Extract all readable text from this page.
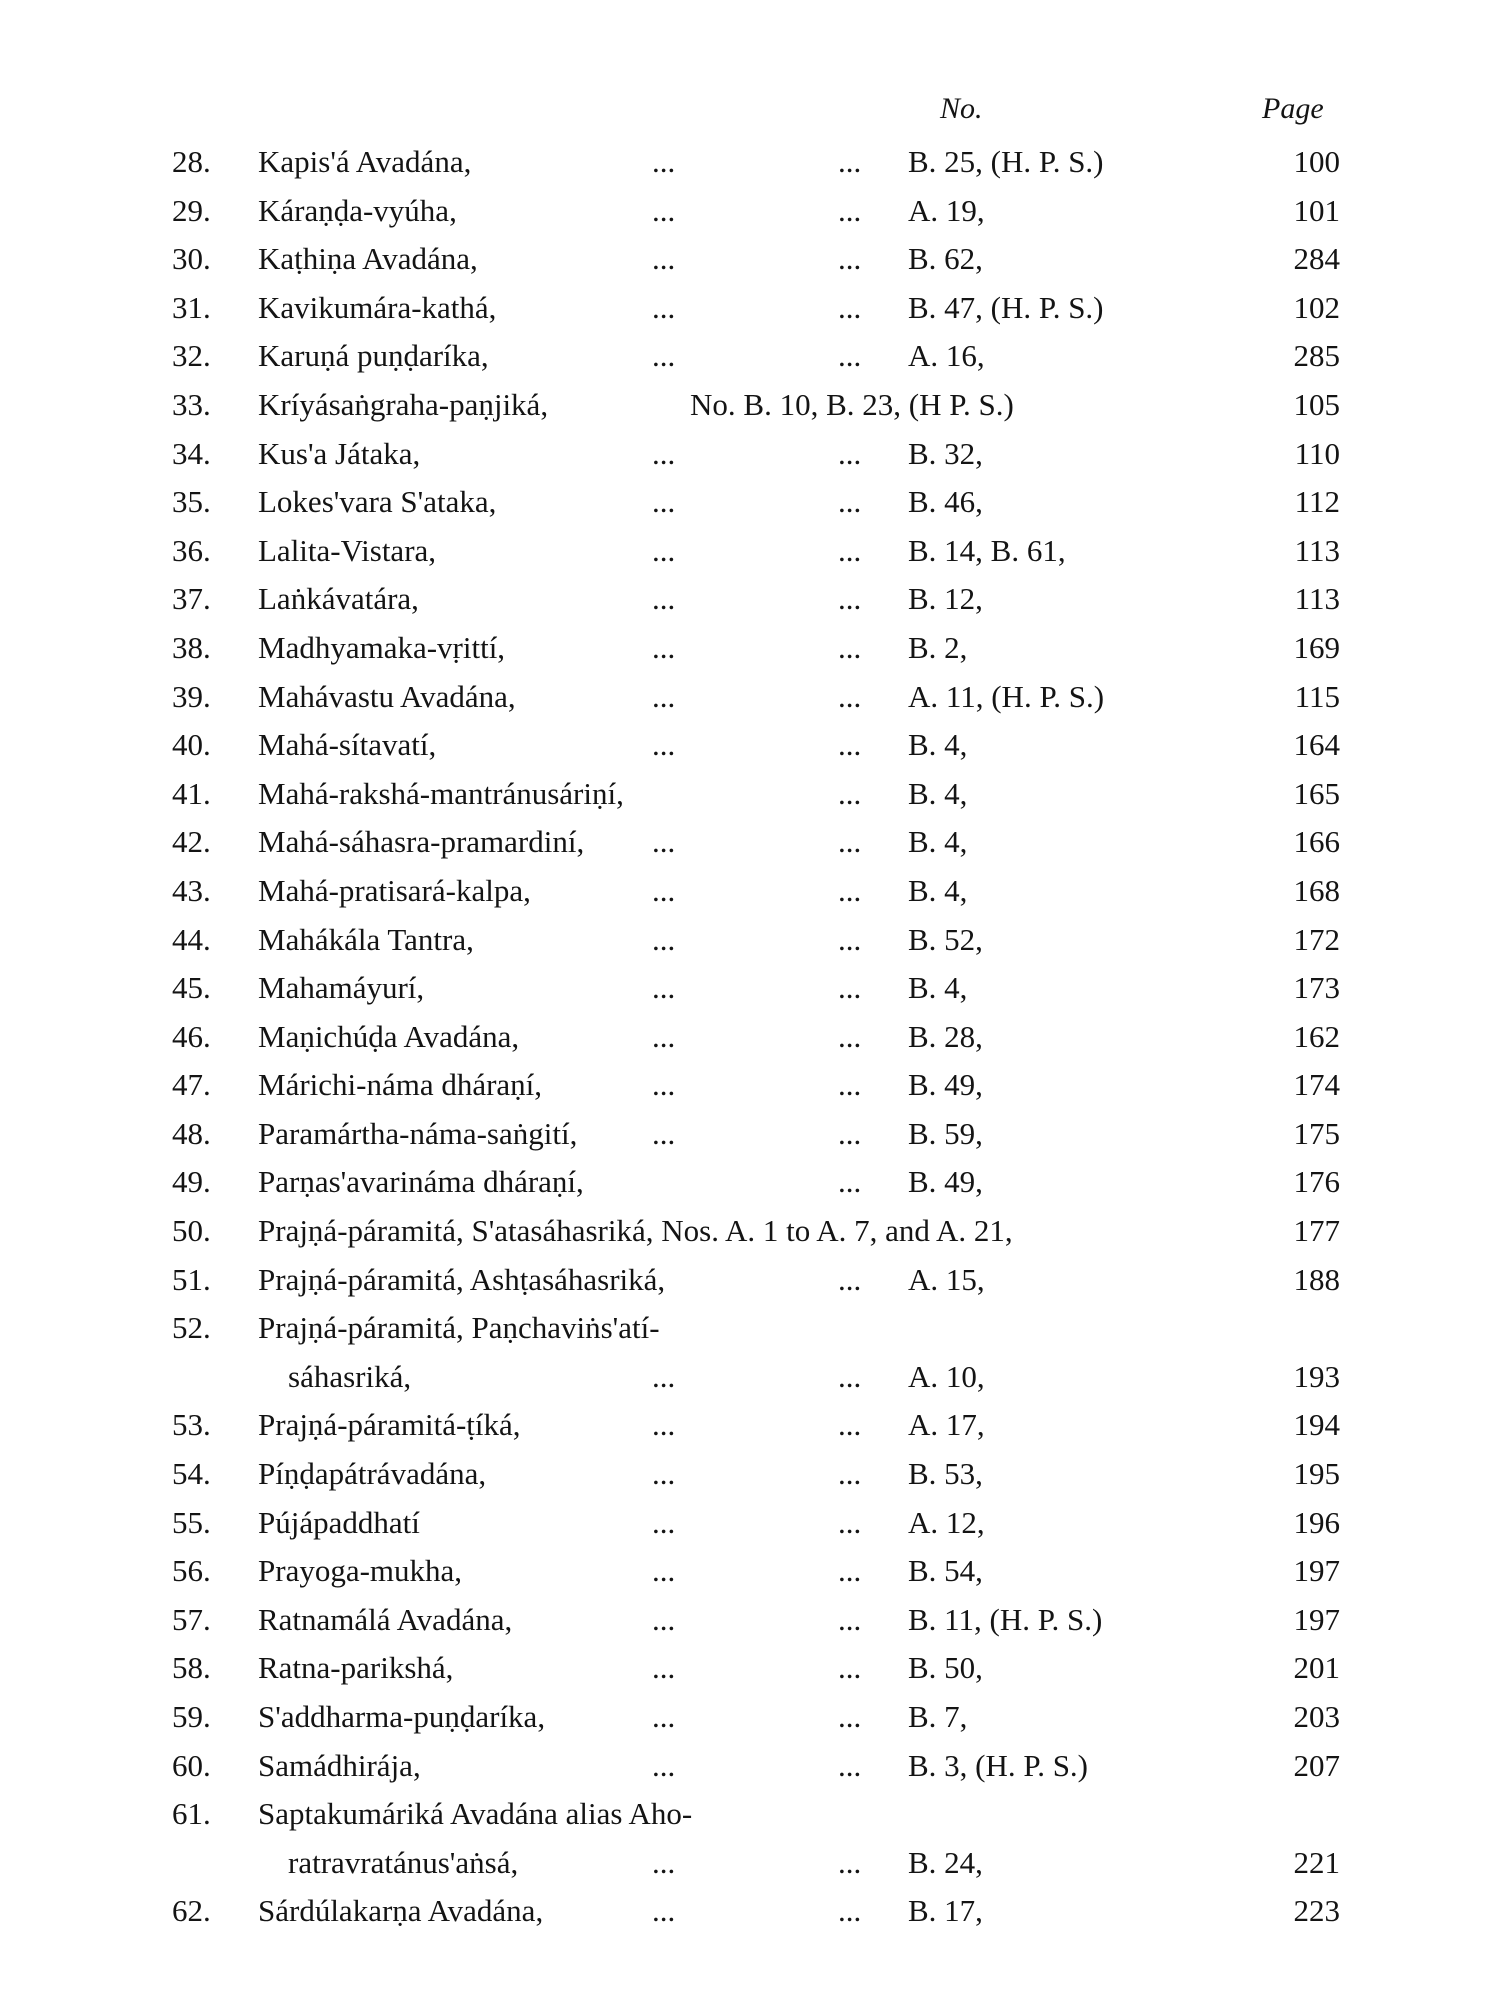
No.	Page
28. Kapis'á Avadána,	...	... B. 25, (H. P. S.)	100
29. Káraṇḍa-vyúha,	...	... A. 19,	101
30. Kaṭhiṇa Avadána,	...	... B. 62,	284
31. Kavikumára-kathá,	...	... B. 47, (H. P. S.)	102
32. Karuṇá puṇḍaríka,	...	... A. 16,	285
33. Kríyásaṅgraha-paṇjiká,	No. B. 10, B. 23, (H P. S.)	105
34. Kus'a Játaka,	...	... B. 32,	110
35. Lokes'vara S'ataka,	...	... B. 46,	112
36. Lalita-Vistara,	...	... B. 14, B. 61,	113
37. Laṅkávatára,	...	... B. 12,	113
38. Madhyamaka-vṛittí,	...	... B. 2,	169
39. Mahávastu Avadána,	...	... A. 11, (H. P. S.)	115
40. Mahá-sítavatí,	...	... B. 4,	164
41. Mahá-rakshá-mantránusáriṇí,	... B. 4,	165
42. Mahá-sáhasra-pramardiní, ...	... B. 4,	166
43. Mahá-pratisará-kalpa,	...	... B. 4,	168
44. Mahákála Tantra,	...	... B. 52,	172
45. Mahamáyurí,	...	... B. 4,	173
46. Maṇichúḍa Avadána,	...	... B. 28,	162
47. Márichi-náma dháraṇí,	...	... B. 49,	174
48. Paramártha-náma-saṅgití, ...	... B. 59,	175
49. Parṇas'avarináma dháraṇí,	... B. 49,	176
50. Prajṇá-páramitá, S'atasáhasriká, Nos. A. 1 to A. 7, and A. 21,	177
51. Prajṇá-páramitá, Ashṭasáhasriká,	... A. 15,	188
52. Prajṇá-páramitá, Paṇchaviṅs'atí-
sáhasriká,	...	... A. 10,	193
53. Prajṇá-páramitá-ṭíká,	...	... A. 17,	194
54. Píṇḍapátrávadána,	...	... B. 53,	195
55. Pújápaddhatí	...	... A. 12,	196
56. Prayoga-mukha,	...	... B. 54,	197
57. Ratnamálá Avadána,	...	... B. 11, (H. P. S.)	197
58. Ratna-parikshá,	...	... B. 50,	201
59. S'addharma-puṇḍaríka,	...	... B. 7,	203
60. Samádhirája,	...	... B. 3, (H. P. S.)	207
61. Saptakumáriká Avadána alias Aho-
ratravratánus'aṅsá,	...	... B. 24,	221
62. Sárdúlakarṇa Avadána,	...	... B. 17,	223
